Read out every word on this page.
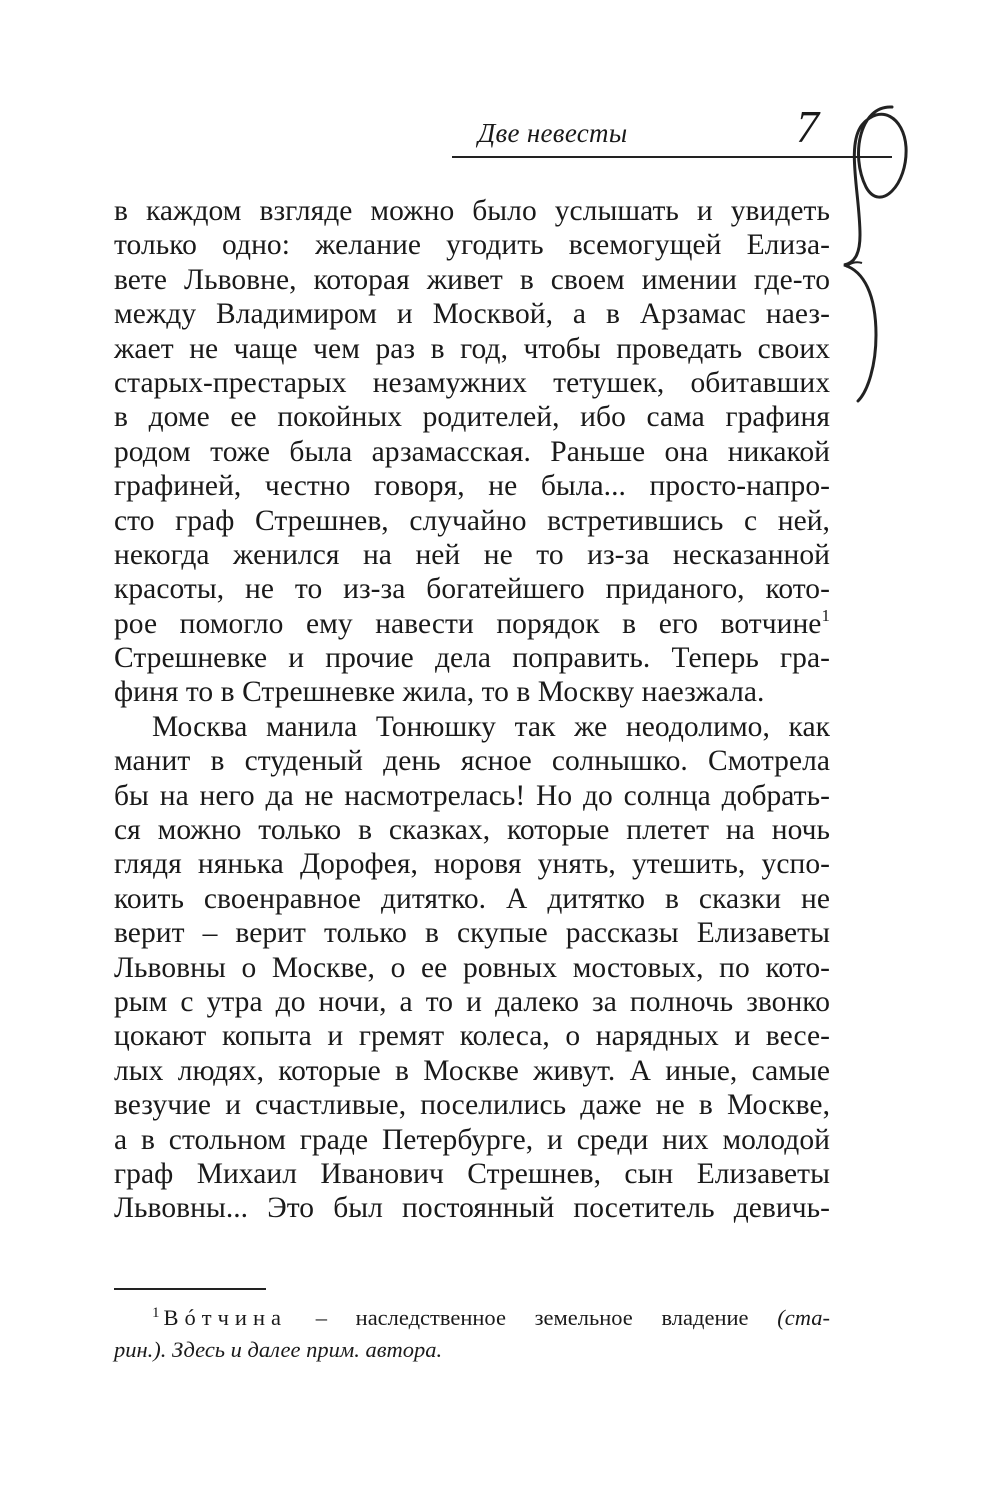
Две невесты	7
в каждом взгляде можно было услышать и увидеть
только одно: желание угодить всемогущей Елиза-
вете Львовне, которая живет в своем имении где-то
между Владимиром и Москвой, а в Арзамас наез-
жает не чаще чем раз в год, чтобы проведать своих
старых-престарых незамужних тетушек, обитавших
в доме ее покойных родителей, ибо сама графиня
родом тоже была арзамасская. Раньше она никакой
графиней, честно говоря, не была... просто-напро-
сто граф Стрешнев, случайно встретившись с ней,
некогда женился на ней не то из-за несказанной
красоты, не то из-за богатейшего приданого, кото-
рое помогло ему навести порядок в его вотчине$^1$
Стрешневке и прочие дела поправить. Теперь гра-
финя то в Стрешневке жила, то в Москву наезжала.
Москва манила Тонюшку так же неодолимо, как
манит в студеный день ясное солнышко. Смотрела
бы на него да не насмотрелась! Но до солнца добрать-
ся можно только в сказках, которые плетет на ночь
глядя нянька Дорофея, норовя унять, утешить, успо-
коить своенравное дитятко. А дитятко в сказки не
верит – верит только в скупые рассказы Елизаветы
Львовны о Москве, о ее ровных мостовых, по кото-
рым с утра до ночи, а то и далеко за полночь звонко
цокают копыта и гремят колеса, о нарядных и весе-
лых людях, которые в Москве живут. А иные, самые
везучие и счастливые, поселились даже не в Москве,
а в стольном граде Петербурге, и среди них молодой
граф Михаил Иванович Стрешнев, сын Елизаветы
Львовны... Это был постоянный посетитель девичь-
$^1$ Вóтчина – наследственное земельное владение (ста-
рин.). Здесь и далее прим. автора.
